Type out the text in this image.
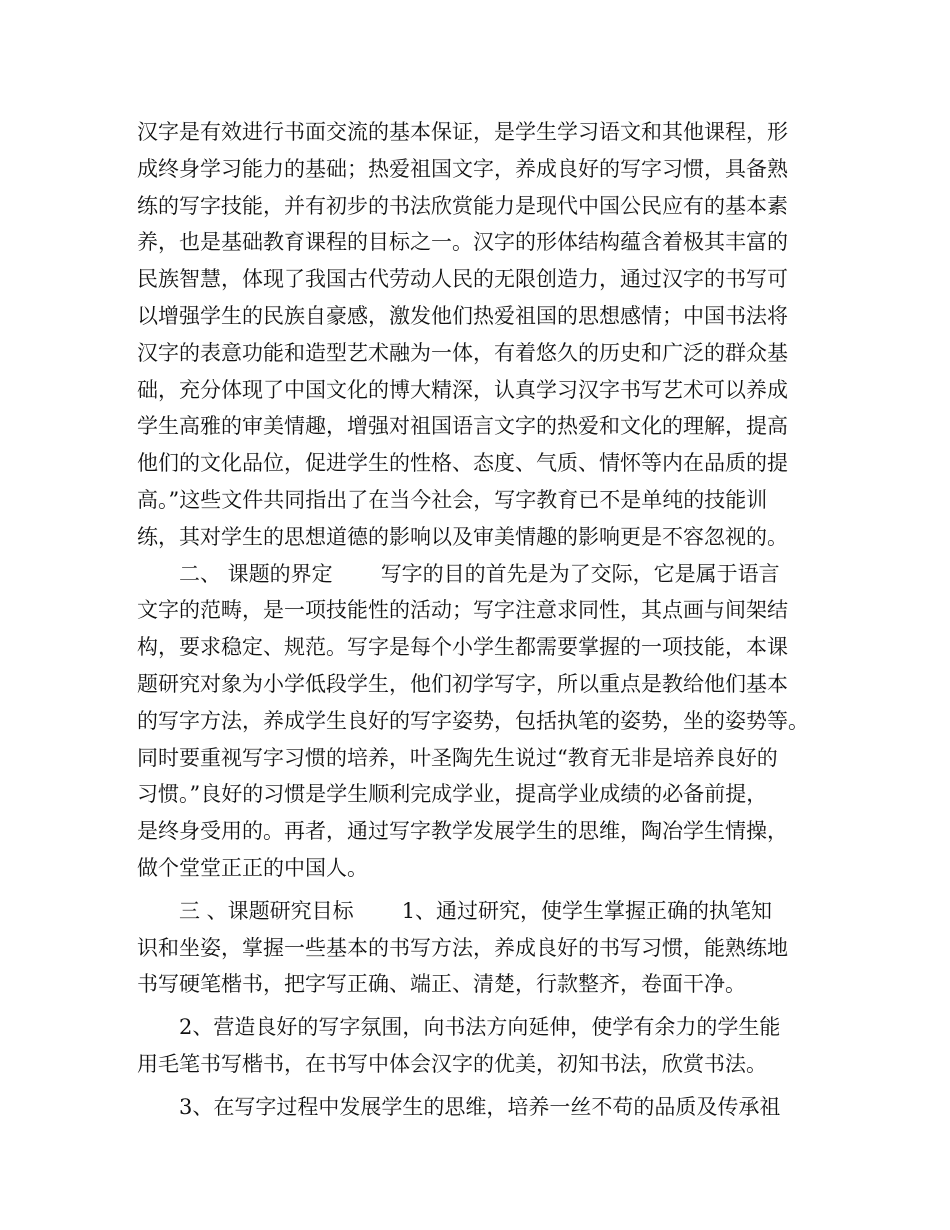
汉字是有效进行书面交流的基本保证，是学生学习语文和其他课程，形
成终身学习能力的基础；热爱祖国文字，养成良好的写字习惯，具备熟
练的写字技能，并有初步的书法欣赏能力是现代中国公民应有的基本素
养，也是基础教育课程的目标之一。汉字的形体结构蕴含着极其丰富的
民族智慧，体现了我国古代劳动人民的无限创造力，通过汉字的书写可
以增强学生的民族自豪感，激发他们热爱祖国的思想感情；中国书法将
汉字的表意功能和造型艺术融为一体，有着悠久的历史和广泛的群众基
础，充分体现了中国文化的博大精深，认真学习汉字书写艺术可以养成
学生高雅的审美情趣，增强对祖国语言文字的热爱和文化的理解，提高
他们的文化品位，促进学生的性格、态度、气质、情怀等内在品质的提
高。”这些文件共同指出了在当今社会，写字教育已不是单纯的技能训
练，其对学生的思想道德的影响以及审美情趣的影响更是不容忽视的。
二、 课题的界定 写字的目的首先是为了交际，它是属于语言
文字的范畴，是一项技能性的活动；写字注意求同性，其点画与间架结
构，要求稳定、规范。写字是每个小学生都需要掌握的一项技能，本课
题研究对象为小学低段学生，他们初学写字，所以重点是教给他们基本
的写字方法，养成学生良好的写字姿势，包括执笔的姿势，坐的姿势等。
同时要重视写字习惯的培养，叶圣陶先生说过“教育无非是培养良好的
习惯。”良好的习惯是学生顺利完成学业，提高学业成绩的必备前提，
是终身受用的。再者，通过写字教学发展学生的思维，陶冶学生情操，
做个堂堂正正的中国人。
三 、课题研究目标 1、通过研究，使学生掌握正确的执笔知
识和坐姿，掌握一些基本的书写方法，养成良好的书写习惯，能熟练地
书写硬笔楷书，把字写正确、端正、清楚，行款整齐，卷面干净。
2、营造良好的写字氛围，向书法方向延伸，使学有余力的学生能
用毛笔书写楷书，在书写中体会汉字的优美，初知书法，欣赏书法。
3、在写字过程中发展学生的思维，培养一丝不苟的品质及传承祖
